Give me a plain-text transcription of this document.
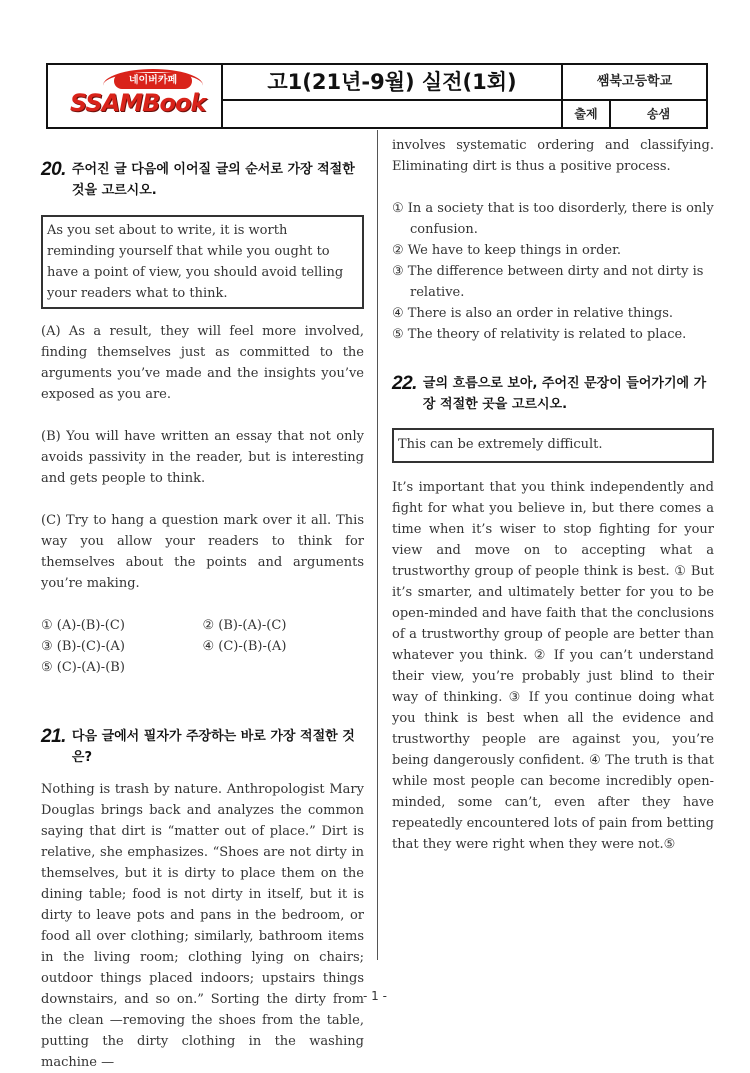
네이버카페
SSAMBook
고1(21년-9월) 실전(1회)	쌤북고등학교
출제	송샘
20. 주어진 글 다음에 이어질 글의 순서로 가장 적절한 것을 고르시오.
As you set about to write, it is worth reminding yourself that while you ought to have a point of view, you should avoid telling your readers what to think.

(A) As a result, they will feel more involved, finding themselves just as committed to the arguments you’ve made and the insights you’ve exposed as you are.

(B) You will have written an essay that not only avoids passivity in the reader, but is interesting and gets people to think.

(C) Try to hang a question mark over it all. This way you allow your readers to think for themselves about the points and arguments you’re making.

① (A)-(B)-(C)	② (B)-(A)-(C)
③ (B)-(C)-(A)	④ (C)-(B)-(A)
⑤ (C)-(A)-(B)
21. 다음 글에서 필자가 주장하는 바로 가장 적절한 것은?

Nothing is trash by nature. Anthropologist Mary Douglas brings back and analyzes the common saying that dirt is “matter out of place.” Dirt is relative, she emphasizes. “Shoes are not dirty in themselves, but it is dirty to place them on the dining table; food is not dirty in itself, but it is dirty to leave pots and pans in the bedroom, or food all over clothing; similarly, bathroom items in the living room; clothing lying on chairs; outdoor things placed indoors; upstairs things downstairs, and so on.” Sorting the dirty from the clean —removing the shoes from the table, putting the dirty clothing in the washing machine —

involves systematic ordering and classifying. Eliminating dirt is thus a positive process.

① In a society that is too disorderly, there is only confusion.
② We have to keep things in order.
③ The difference between dirty and not dirty is relative.
④ There is also an order in relative things.
⑤ The theory of relativity is related to place.
22. 글의 흐름으로 보아, 주어진 문장이 들어가기에 가장 적절한 곳을 고르시오.
This can be extremely difficult.

It’s important that you think independently and fight for what you believe in, but there comes a time when it’s wiser to stop fighting for your view and move on to accepting what a trustworthy group of people think is best. ① But it’s smarter, and ultimately better for you to be open-minded and have faith that the conclusions of a trustworthy group of people are better than whatever you think. ② If you can’t understand their view, you’re probably just blind to their way of thinking. ③ If you continue doing what you think is best when all the evidence and trustworthy people are against you, you’re being dangerously confident. ④ The truth is that while most people can become incredibly open-minded, some can’t, even after they have repeatedly encountered lots of pain from betting that they were right when they were not.⑤

- 1 -
